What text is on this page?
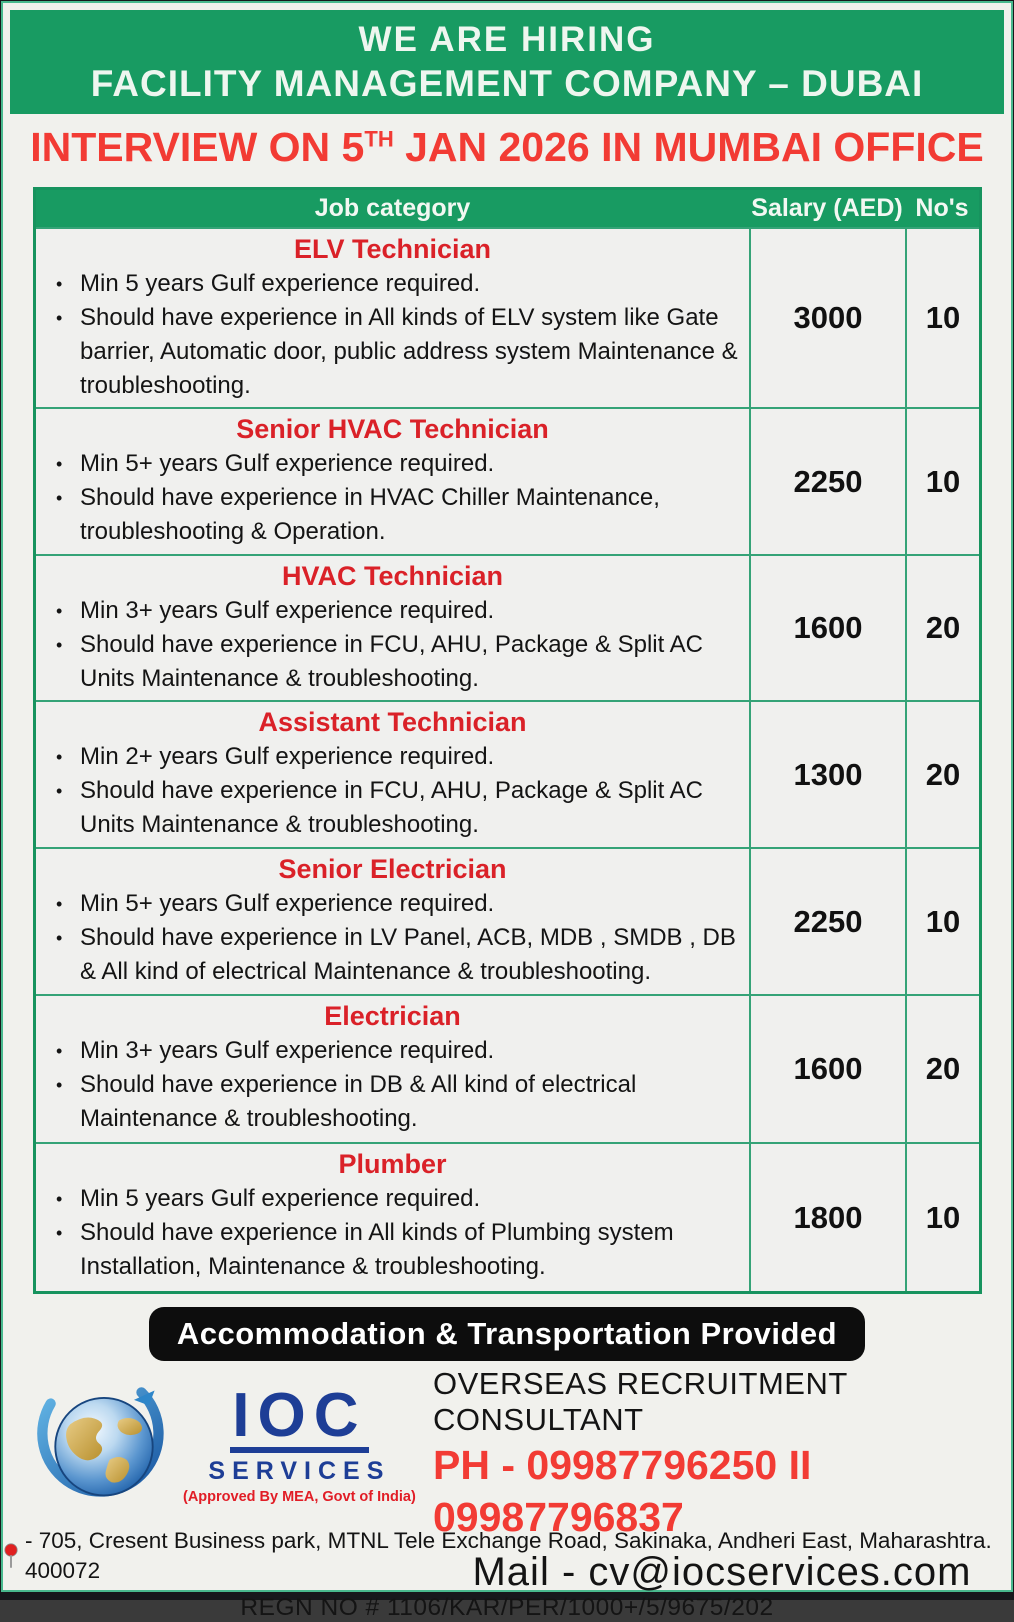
WE ARE HIRING
FACILITY MANAGEMENT COMPANY – DUBAI
INTERVIEW ON 5TH JAN 2026 IN MUMBAI OFFICE
Job category	Salary (AED) No's
ELV Technician
• Min 5 years Gulf experience required.
• Should have experience in All kinds of ELV system like Gate barrier, Automatic door, public address system Maintenance & troubleshooting.
3000	10
Senior HVAC Technician
• Min 5+ years Gulf experience required.
• Should have experience in HVAC Chiller Maintenance, troubleshooting & Operation.
2250	10
HVAC Technician
• Min 3+ years Gulf experience required.
• Should have experience in FCU, AHU, Package & Split AC Units Maintenance & troubleshooting.
1600	20
Assistant Technician
• Min 2+ years Gulf experience required.
• Should have experience in FCU, AHU, Package & Split AC Units Maintenance & troubleshooting.
1300	20
Senior Electrician
• Min 5+ years Gulf experience required.
• Should have experience in LV Panel, ACB, MDB , SMDB , DB & All kind of electrical Maintenance & troubleshooting.
2250	10
Electrician
• Min 3+ years Gulf experience required.
• Should have experience in DB & All kind of electrical Maintenance & troubleshooting.
1600	20
Plumber
• Min 5 years Gulf experience required.
• Should have experience in All kinds of Plumbing system Installation, Maintenance & troubleshooting.
1800	10
Accommodation & Transportation Provided
IOC
SERVICES
(Approved By MEA, Govt of India)
OVERSEAS RECRUITMENT CONSULTANT
PH - 09987796250 II 09987796837
Mail - cv@iocservices.com
- 705, Cresent Business park, MTNL Tele Exchange Road, Sakinaka, Andheri East, Maharashtra. 400072
REGN NO # 1106/KAR/PER/1000+/5/9675/202
